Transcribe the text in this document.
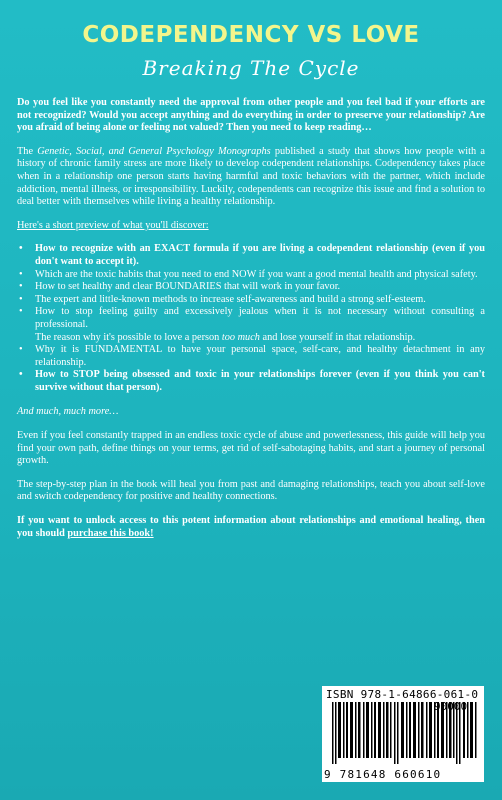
CODEPENDENCY VS LOVE
Breaking The Cycle

Do you feel like you constantly need the approval from other people and you feel bad if your efforts are not recognized? Would you accept anything and do everything in order to preserve your relationship? Are you afraid of being alone or feeling not valued? Then you need to keep reading…

The Genetic, Social, and General Psychology Monographs published a study that shows how people with a history of chronic family stress are more likely to develop codependent relationships. Codependency takes place when in a relationship one person starts having harmful and toxic behaviors with the partner, which include addiction, mental illness, or irresponsibility. Luckily, codependents can recognize this issue and find a solution to deal better with themselves while living a healthy relationship.

Here's a short preview of what you'll discover:

• How to recognize with an EXACT formula if you are living a codependent relationship (even if you don't want to accept it).
• Which are the toxic habits that you need to end NOW if you want a good mental health and physical safety.
• How to set healthy and clear BOUNDARIES that will work in your favor.
• The expert and little-known methods to increase self-awareness and build a strong self-esteem.
• How to stop feeling guilty and excessively jealous when it is not necessary without consulting a professional.
The reason why it's possible to love a person too much and lose yourself in that relationship.
• Why it is FUNDAMENTAL to have your personal space, self-care, and healthy detachment in any relationship.
• How to STOP being obsessed and toxic in your relationships forever (even if you think you can't survive without that person).

And much, much more…

Even if you feel constantly trapped in an endless toxic cycle of abuse and powerlessness, this guide will help you find your own path, define things on your terms, get rid of self-sabotaging habits, and start a journey of personal growth.

The step-by-step plan in the book will heal you from past and damaging relationships, teach you about self-love and switch codependency for positive and healthy connections.

If you want to unlock access to this potent information about relationships and emotional healing, then you should purchase this book!

ISBN 978-1-64866-061-0
90000
9 781648 660610
